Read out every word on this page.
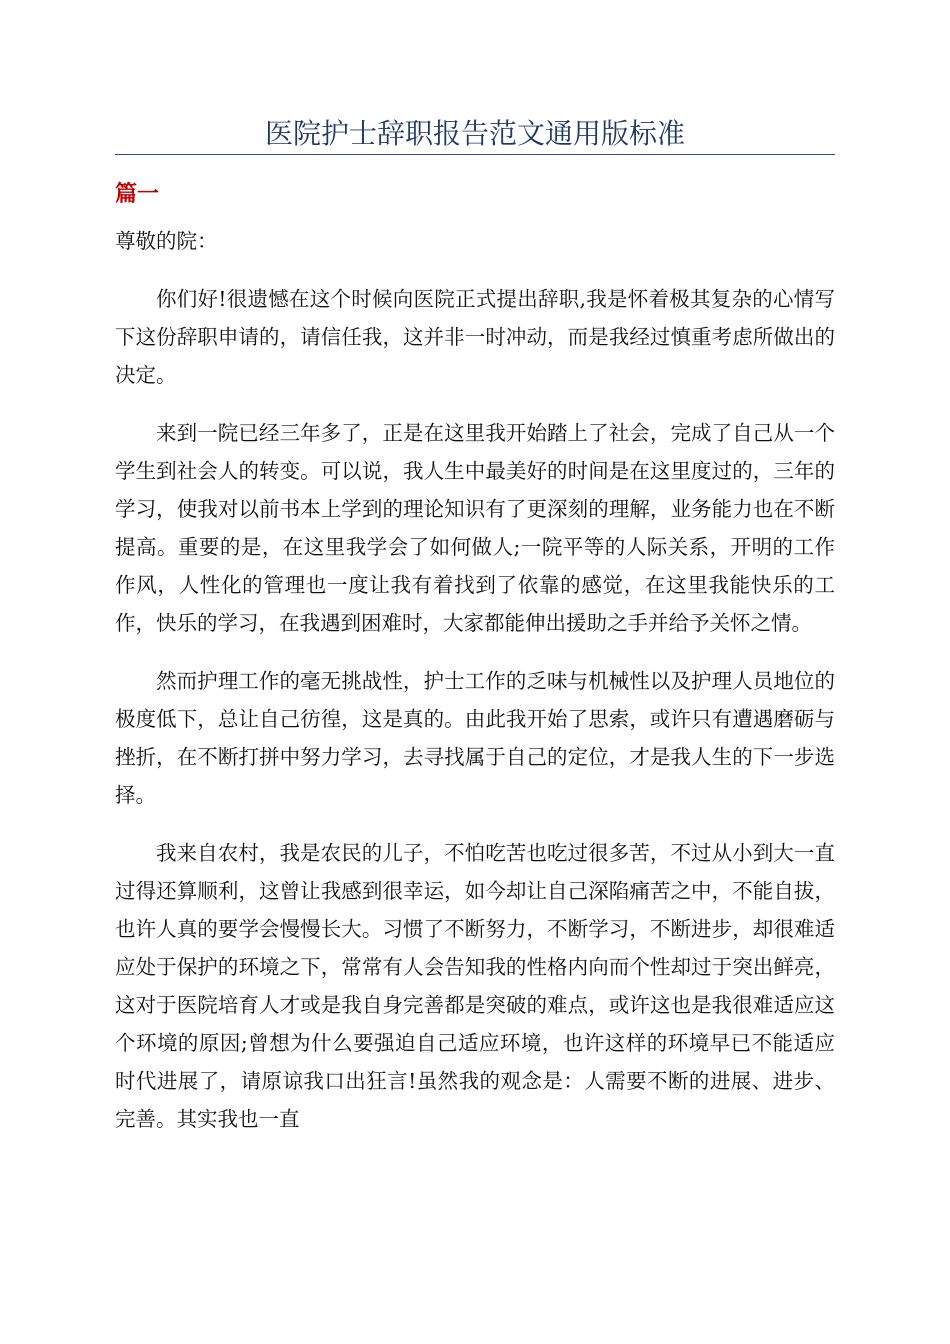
医院护士辞职报告范文通用版标准
篇一

尊敬的院：

你们好!很遗憾在这个时候向医院正式提出辞职,我是怀着极其复杂的心情写下这份辞职申请的，请信任我，这并非一时冲动，而是我经过慎重考虑所做出的决定。

来到一院已经三年多了，正是在这里我开始踏上了社会，完成了自己从一个学生到社会人的转变。可以说，我人生中最美好的时间是在这里度过的，三年的学习，使我对以前书本上学到的理论知识有了更深刻的理解，业务能力也在不断提高。重要的是，在这里我学会了如何做人;一院平等的人际关系，开明的工作作风，人性化的管理也一度让我有着找到了依靠的感觉，在这里我能快乐的工作，快乐的学习，在我遇到困难时，大家都能伸出援助之手并给予关怀之情。

然而护理工作的毫无挑战性，护士工作的乏味与机械性以及护理人员地位的极度低下，总让自己彷徨，这是真的。由此我开始了思索，或许只有遭遇磨砺与挫折，在不断打拼中努力学习，去寻找属于自己的定位，才是我人生的下一步选择。

我来自农村，我是农民的儿子，不怕吃苦也吃过很多苦，不过从小到大一直过得还算顺利，这曾让我感到很幸运，如今却让自己深陷痛苦之中，不能自拔，也许人真的要学会慢慢长大。习惯了不断努力，不断学习，不断进步，却很难适应处于保护的环境之下，常常有人会告知我的性格内向而个性却过于突出鲜亮，这对于医院培育人才或是我自身完善都是突破的难点，或许这也是我很难适应这个环境的原因;曾想为什么要强迫自己适应环境，也许这样的环境早已不能适应时代进展了，请原谅我口出狂言!虽然我的观念是：人需要不断的进展、进步、完善。其实我也一直
